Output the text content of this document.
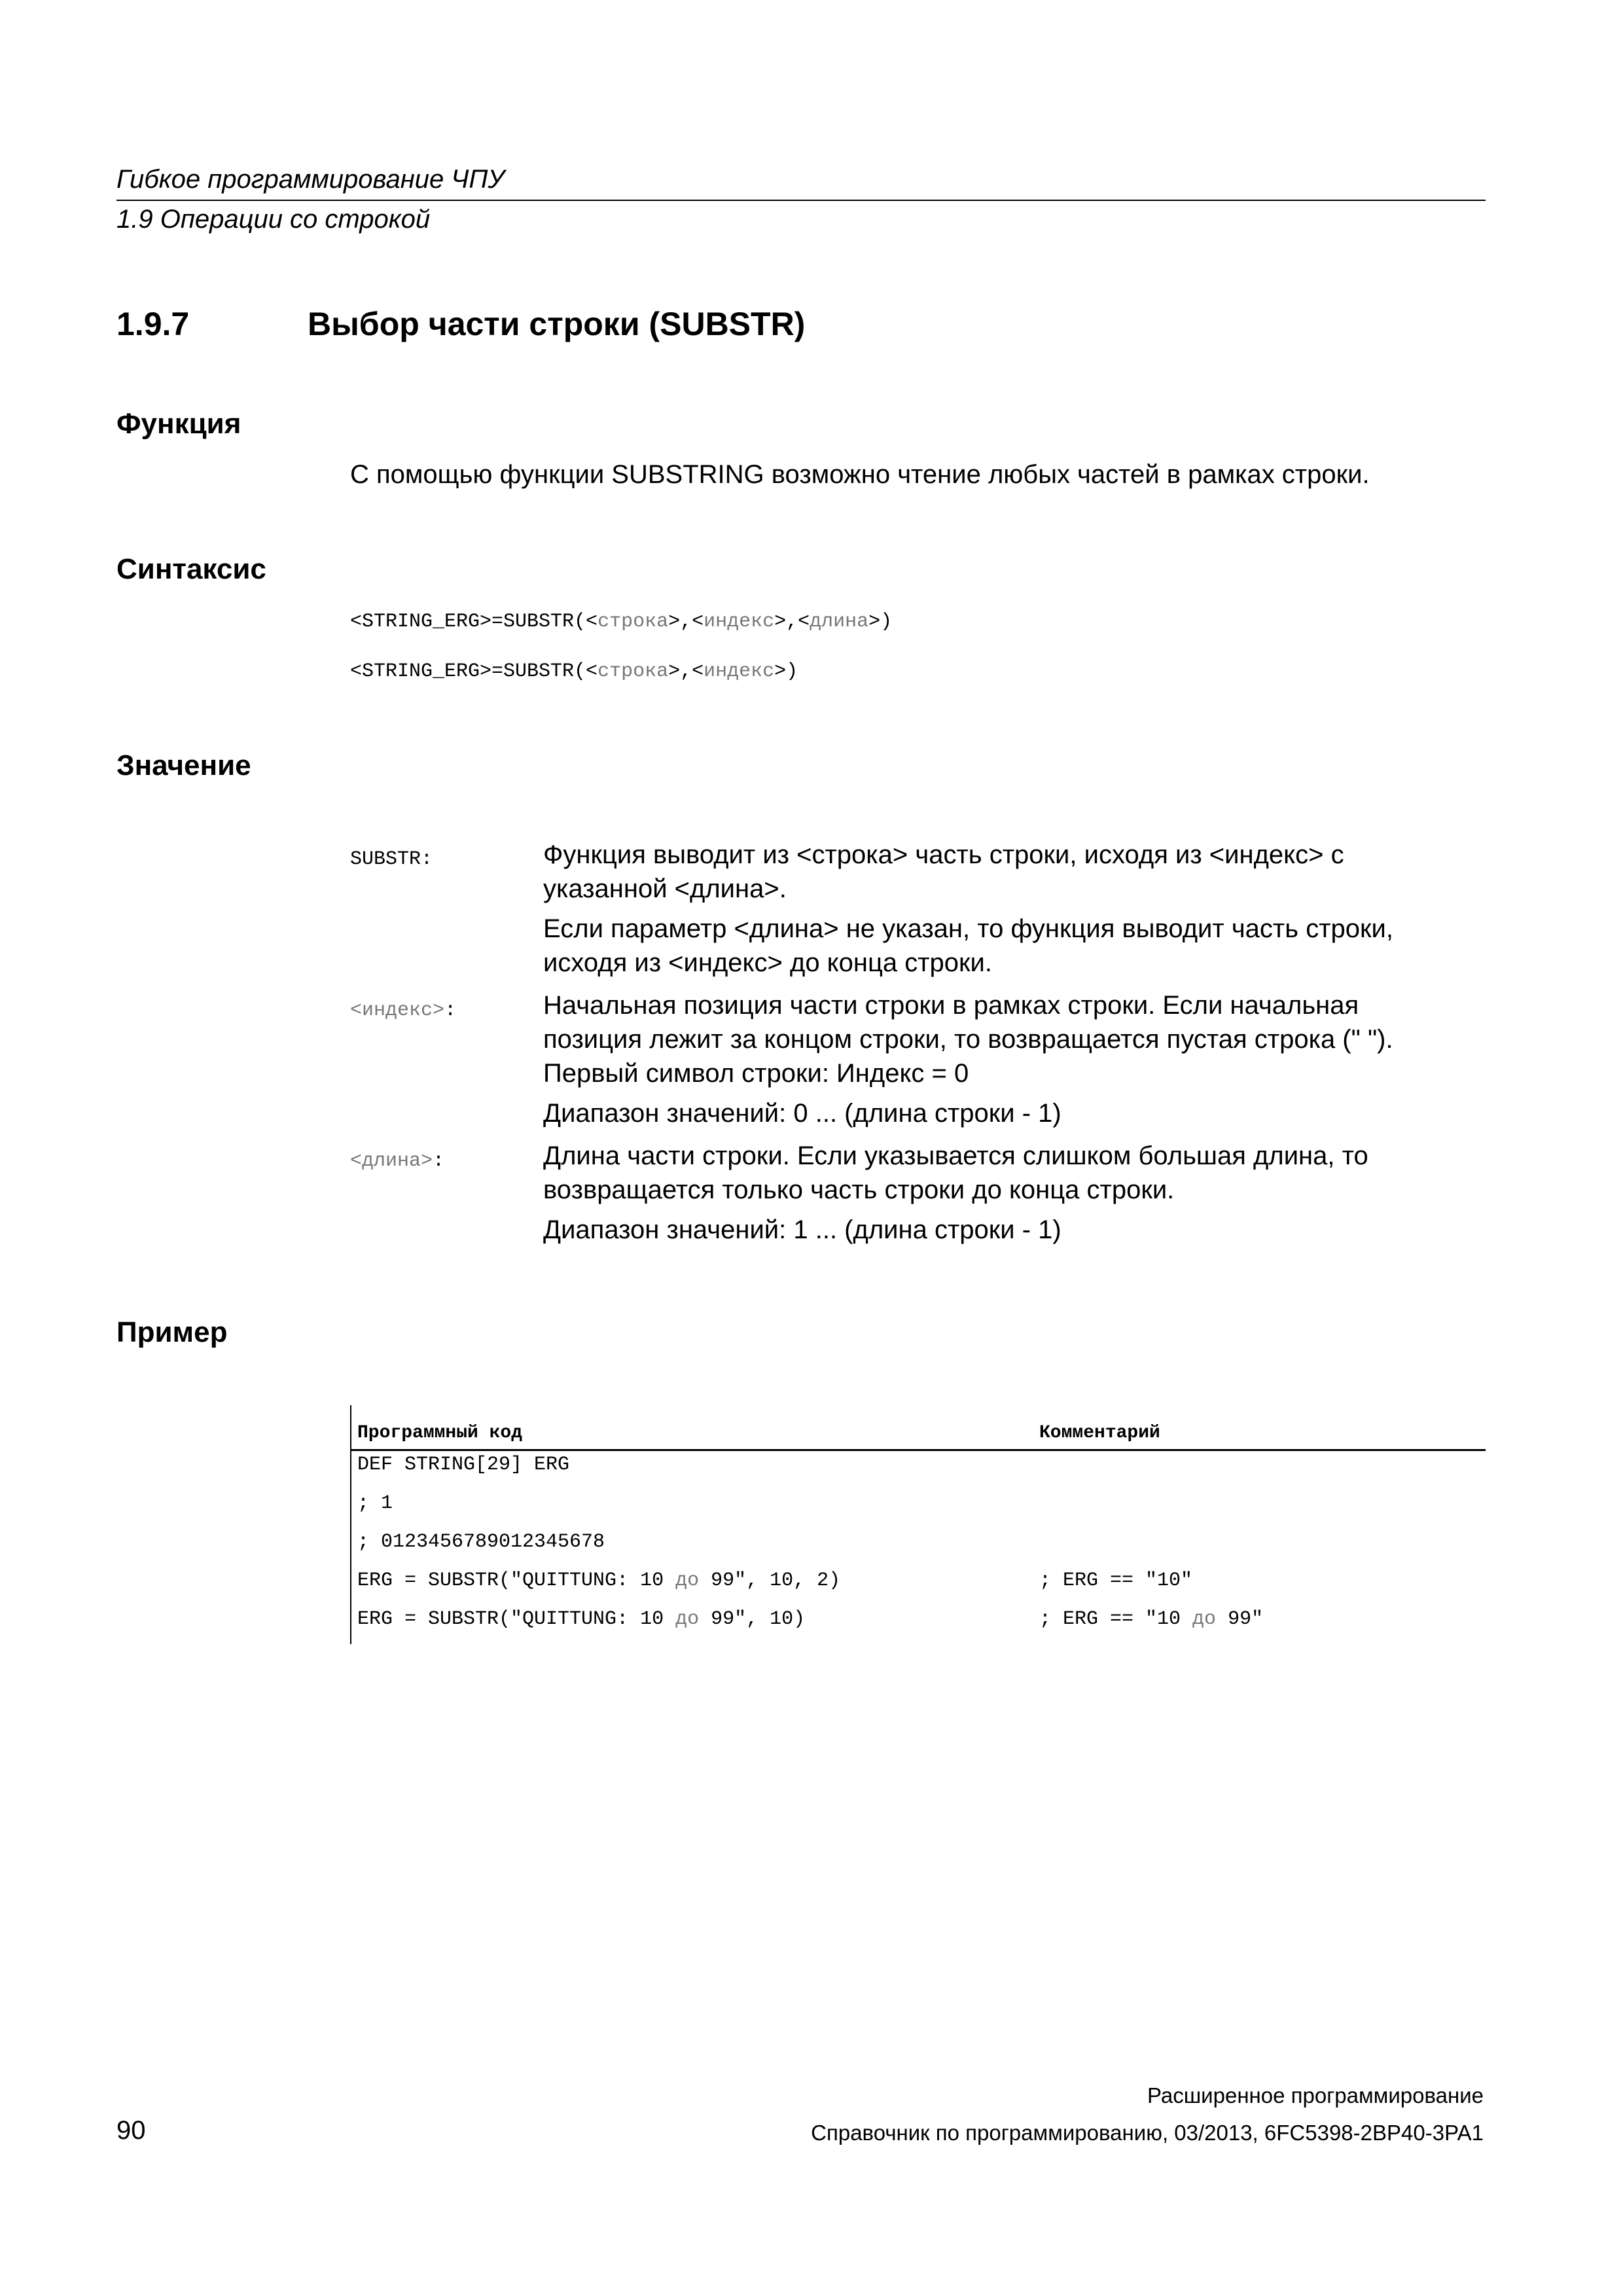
Гибкое программирование ЧПУ
1.9 Операции со строкой
1.9.7	Выбор части строки (SUBSTR)
Функция
С помощью функции SUBSTRING возможно чтение любых частей в рамках строки.
Синтаксис
<STRING_ERG>=SUBSTR(<строка>,<индекс>,<длина>)
<STRING_ERG>=SUBSTR(<строка>,<индекс>)
Значение
SUBSTR:	Функция выводит из <строка> часть строки, исходя из <индекс> с указанной <длина>.
Если параметр <длина> не указан, то функция выводит часть строки, исходя из <индекс> до конца строки.
<индекс>:	Начальная позиция части строки в рамках строки. Если начальная позиция лежит за концом строки, то возвращается пустая строка (" "). Первый символ строки: Индекс = 0
Диапазон значений: 0 ... (длина строки - 1)
<длина>:	Длина части строки. Если указывается слишком большая длина, то возвращается только часть строки до конца строки.
Диапазон значений: 1 ... (длина строки - 1)
Пример
Программный код	Комментарий
DEF STRING[29] ERG
; 1
; 0123456789012345678
ERG = SUBSTR("QUITTUNG: 10 до 99", 10, 2)	; ERG == "10"
ERG = SUBSTR("QUITTUNG: 10 до 99", 10)	; ERG == "10 до 99"
Расширенное программирование
90	Справочник по программированию, 03/2013, 6FC5398-2BP40-3PA1
